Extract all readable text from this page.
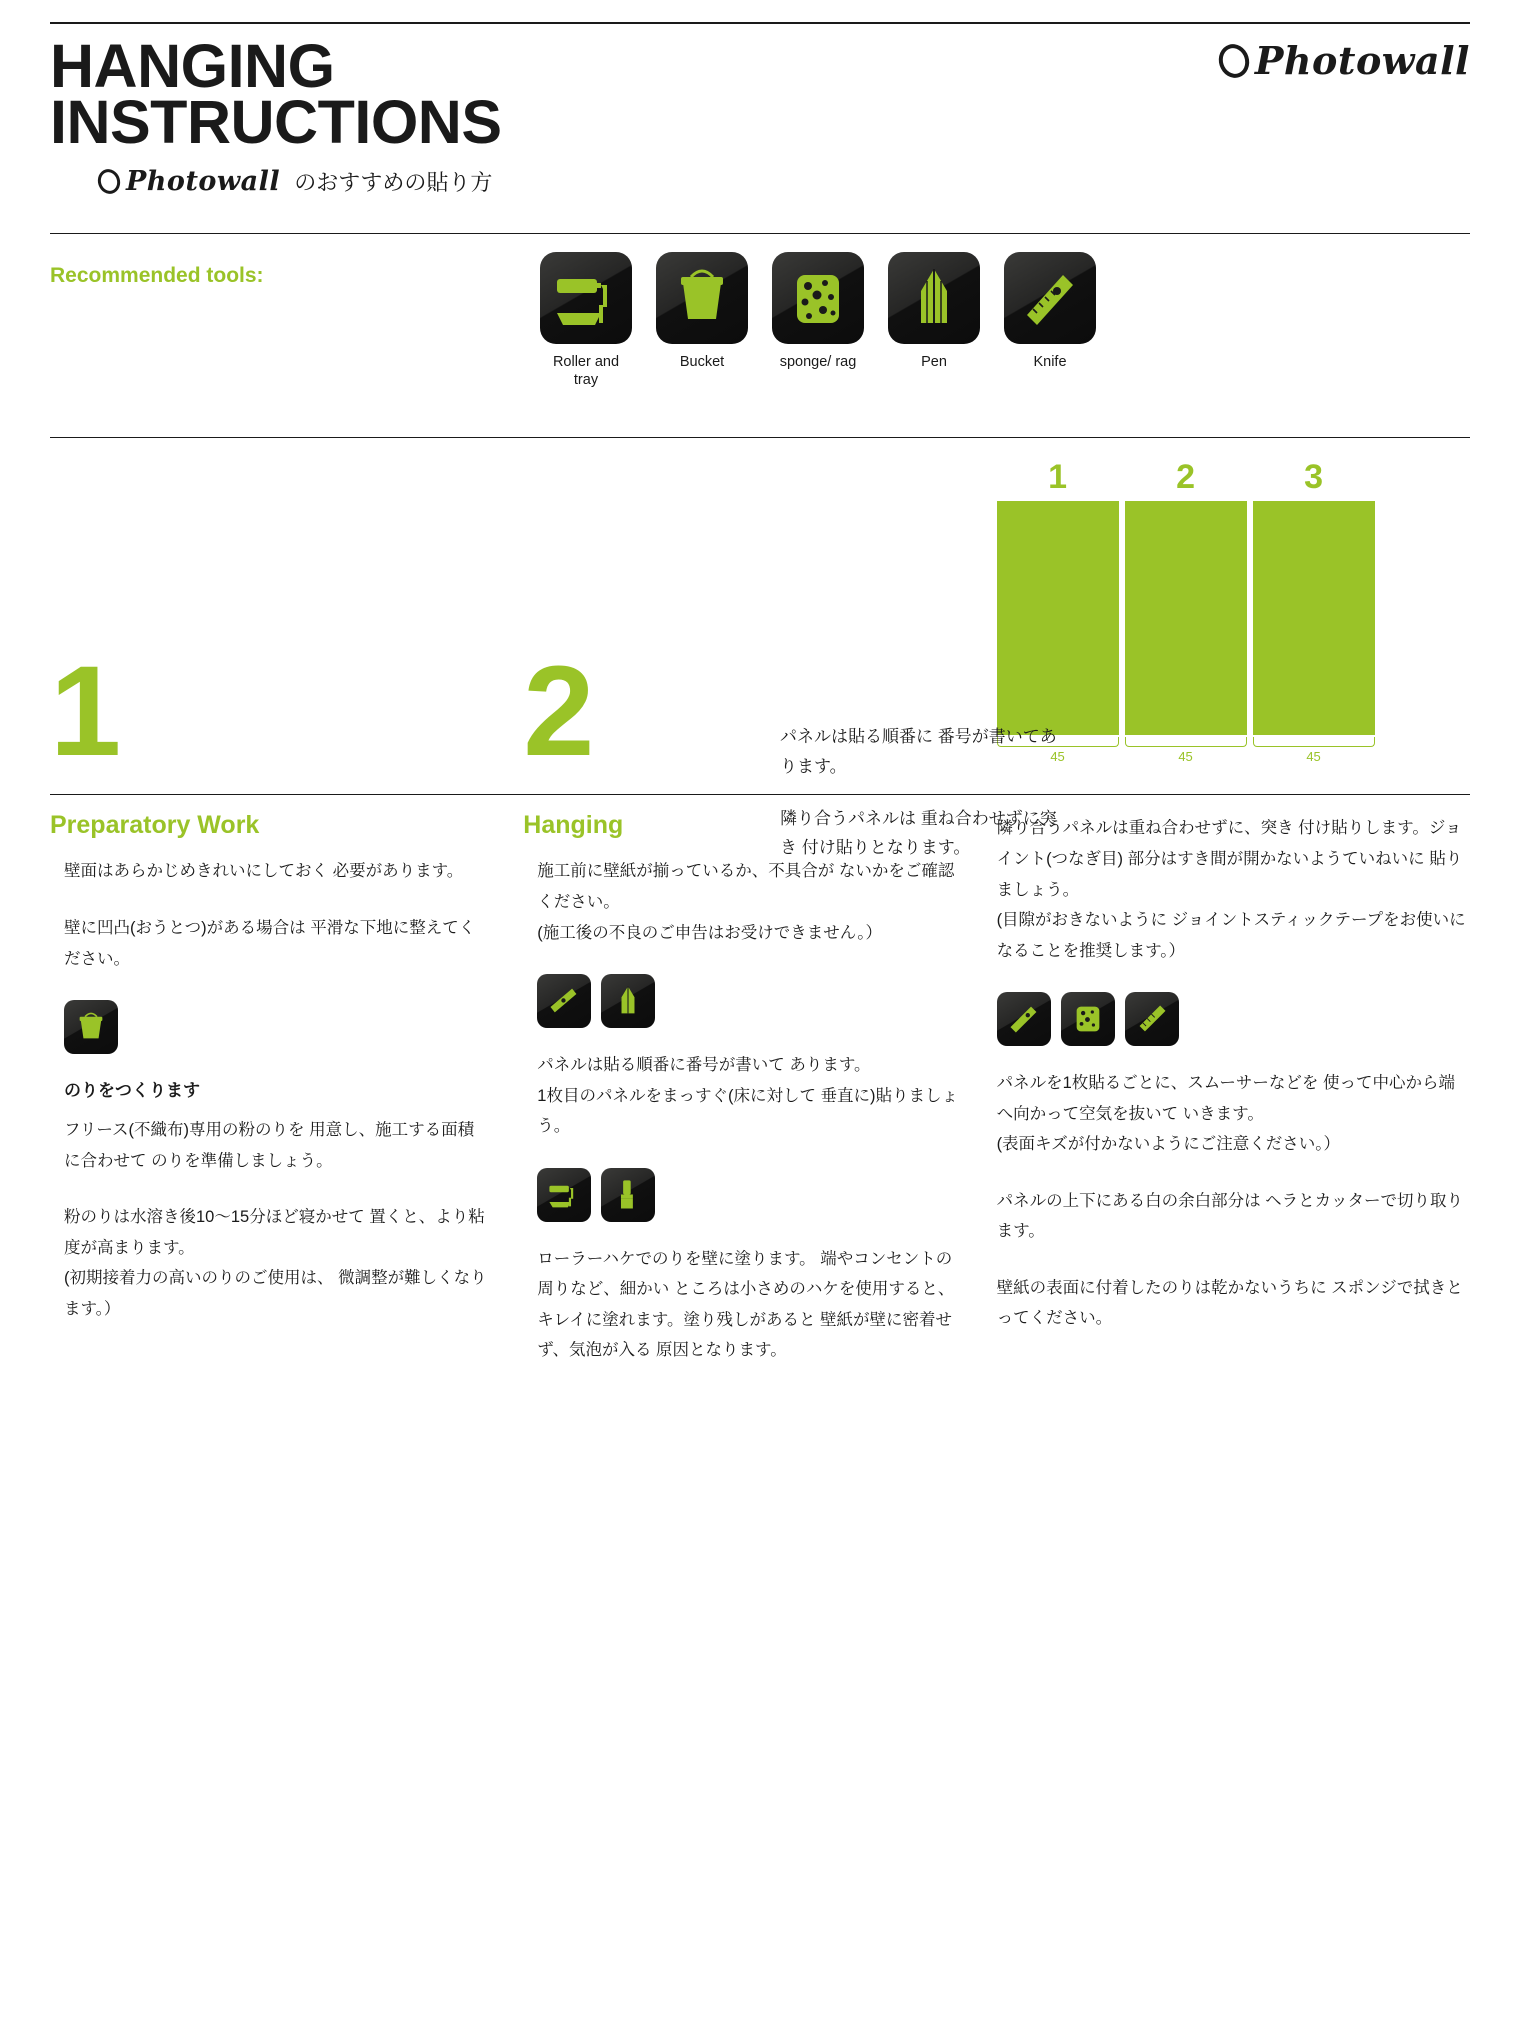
HANGING
INSTRUCTIONS
Photowall のおすすめの貼り方
Photowall
Recommended tools:
Roller and tray
Bucket	sponge/ rag	Pen	Knife
1	2
1	2	3
45	45	45

パネルは貼る順番に 番号が書いてあります。

隣り合うパネルは 重ね合わせずに突き 付け貼りとなります。

Preparatory Work

壁面はあらかじめきれいにしておく 必要があります。

壁に凹凸(おうとつ)がある場合は 平滑な下地に整えてください。

のりをつくります

フリース(不織布)専用の粉のりを 用意し、施工する面積に合わせて のりを準備しましょう。

粉のりは水溶き後10〜15分ほど寝かせて 置くと、より粘度が高まります。

(初期接着力の高いのりのご使用は、 微調整が難しくなります。）

Hanging

施工前に壁紙が揃っているか、不具合が ないかをご確認ください。

(施工後の不良のご申告はお受けできません。）

パネルは貼る順番に番号が書いて あります。

1枚目のパネルをまっすぐ(床に対して 垂直に)貼りましょう。

ローラーハケでのりを壁に塗ります。 端やコンセントの周りなど、細かい ところは小さめのハケを使用すると、 キレイに塗れます。塗り残しがあると 壁紙が壁に密着せず、気泡が入る 原因となります。

隣り合うパネルは重ね合わせずに、突き 付け貼りします。ジョイント(つなぎ目) 部分はすき間が開かないようていねいに 貼りましょう。

(目隙がおきないように ジョイントスティックテープをお使いに なることを推奨します。）

パネルを1枚貼るごとに、スムーサーなどを 使って中心から端へ向かって空気を抜いて いきます。

(表面キズが付かないようにご注意ください。）

パネルの上下にある白の余白部分は ヘラとカッターで切り取ります。

壁紙の表面に付着したのりは乾かないうちに スポンジで拭きとってください。
